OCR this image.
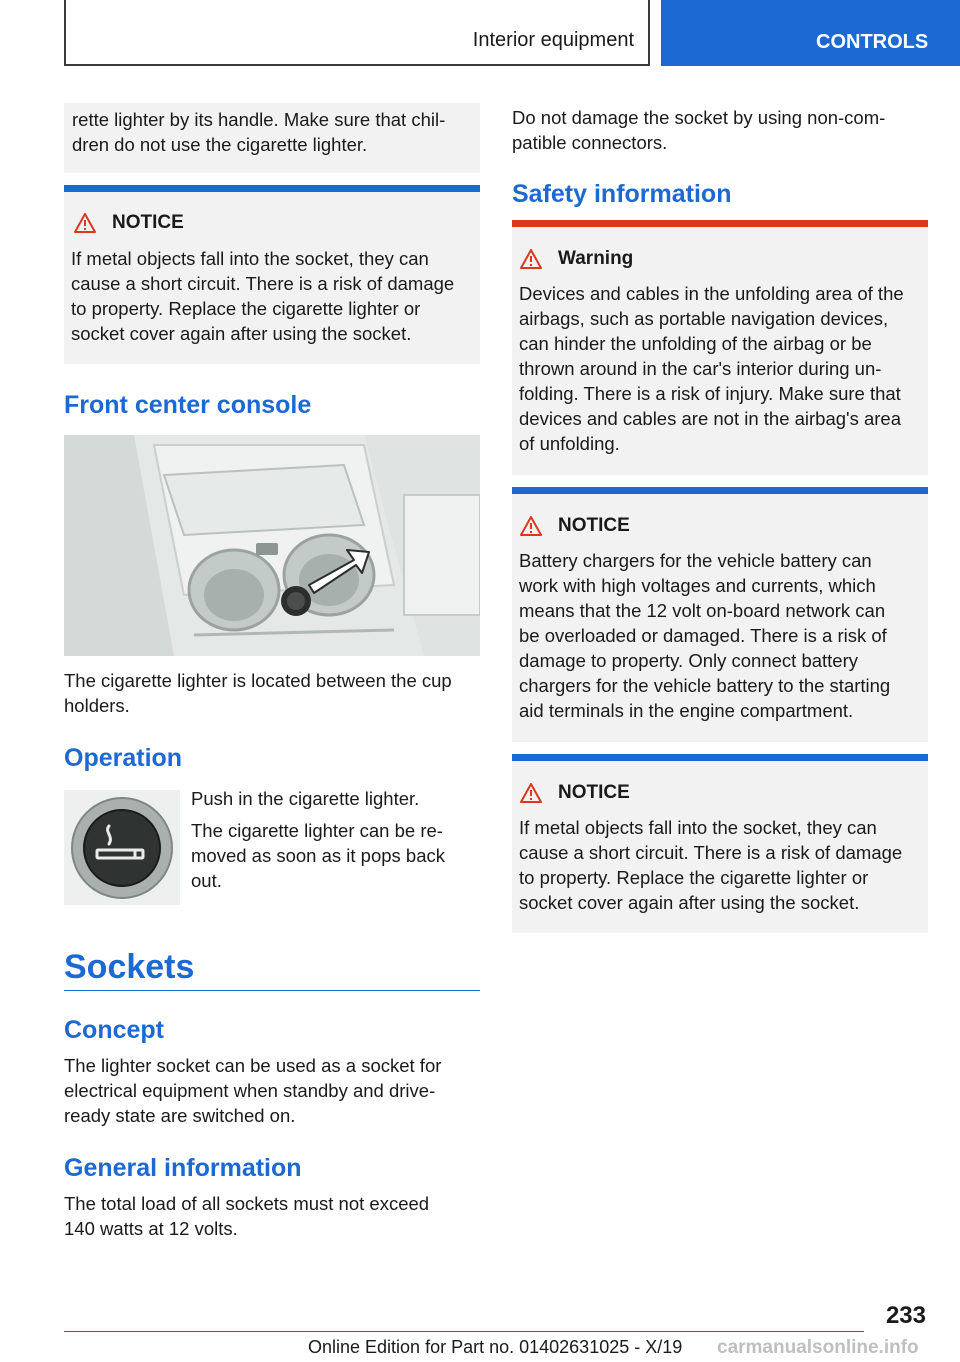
Interior equipment	CONTROLS
rette lighter by its handle. Make sure that chil-
dren do not use the cigarette lighter.
NOTICE
If metal objects fall into the socket, they can
cause a short circuit. There is a risk of damage
to property. Replace the cigarette lighter or
socket cover again after using the socket.
Front center console
The cigarette lighter is located between the cup
holders.
Operation
Push in the cigarette lighter.
The cigarette lighter can be re-
moved as soon as it pops back
out.
Sockets
Concept
The lighter socket can be used as a socket for
electrical equipment when standby and drive-
ready state are switched on.
General information
The total load of all sockets must not exceed
140 watts at 12 volts.
Do not damage the socket by using non-com-
patible connectors.
Safety information
Warning
Devices and cables in the unfolding area of the
airbags, such as portable navigation devices,
can hinder the unfolding of the airbag or be
thrown around in the car's interior during un-
folding. There is a risk of injury. Make sure that
devices and cables are not in the airbag's area
of unfolding.
NOTICE
Battery chargers for the vehicle battery can
work with high voltages and currents, which
means that the 12 volt on-board network can
be overloaded or damaged. There is a risk of
damage to property. Only connect battery
chargers for the vehicle battery to the starting
aid terminals in the engine compartment.
NOTICE
If metal objects fall into the socket, they can
cause a short circuit. There is a risk of damage
to property. Replace the cigarette lighter or
socket cover again after using the socket.
233
Online Edition for Part no. 01402631025 - X/19 carmanualsonline.info
